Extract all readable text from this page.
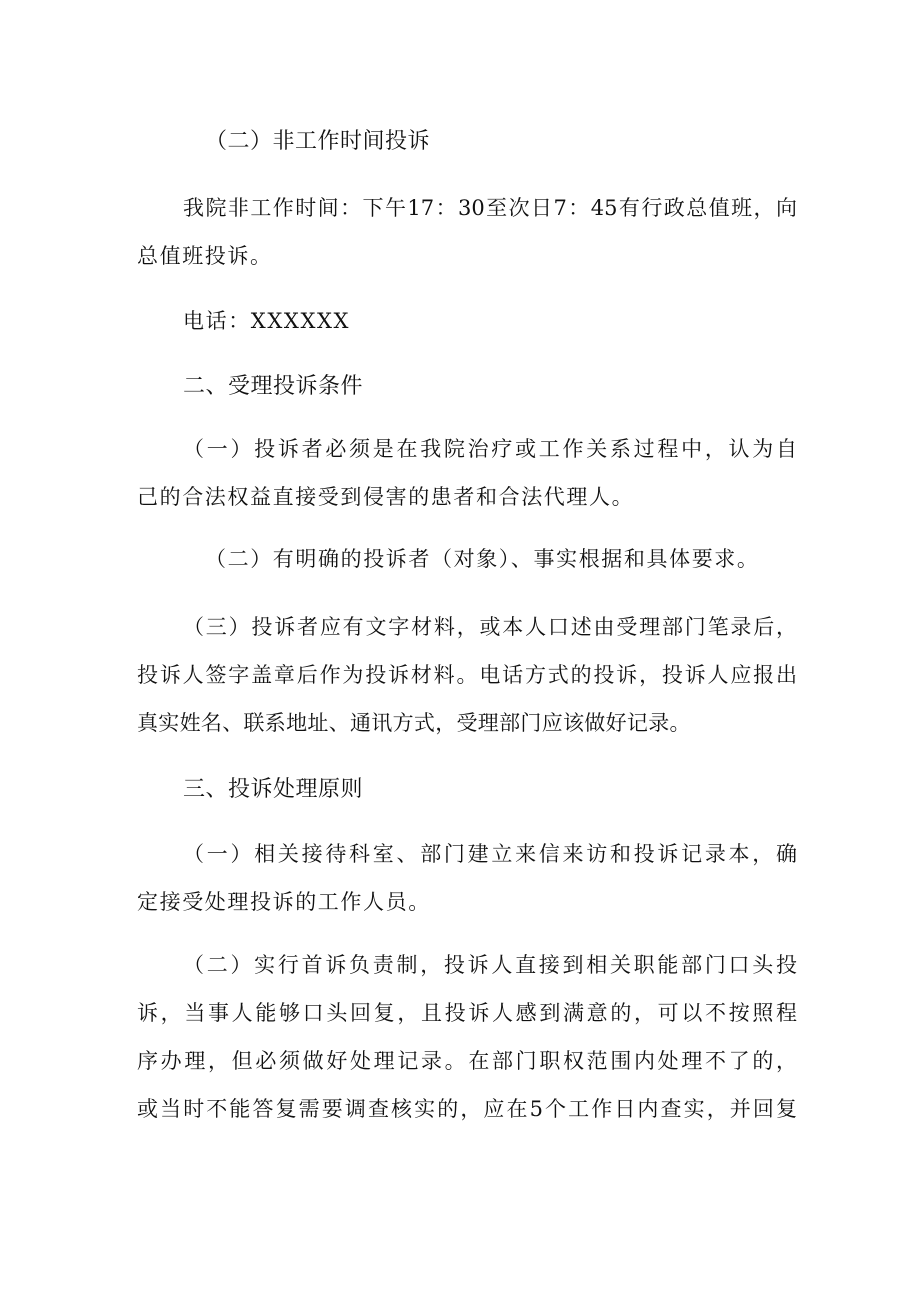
（二）非工作时间投诉
我院非工作时间：下午17：30至次日7：45有行政总值班，向
总值班投诉。
电话：XXXXXX
二、受理投诉条件
（一）投诉者必须是在我院治疗或工作关系过程中，认为自
己的合法权益直接受到侵害的患者和合法代理人。
（二）有明确的投诉者（对象）、事实根据和具体要求。
（三）投诉者应有文字材料，或本人口述由受理部门笔录后，
投诉人签字盖章后作为投诉材料。电话方式的投诉，投诉人应报出
真实姓名、联系地址、通讯方式，受理部门应该做好记录。
三、投诉处理原则
（一）相关接待科室、部门建立来信来访和投诉记录本，确
定接受处理投诉的工作人员。
（二）实行首诉负责制，投诉人直接到相关职能部门口头投
诉，当事人能够口头回复，且投诉人感到满意的，可以不按照程
序办理，但必须做好处理记录。在部门职权范围内处理不了的，
或当时不能答复需要调查核实的，应在5个工作日内查实，并回复
